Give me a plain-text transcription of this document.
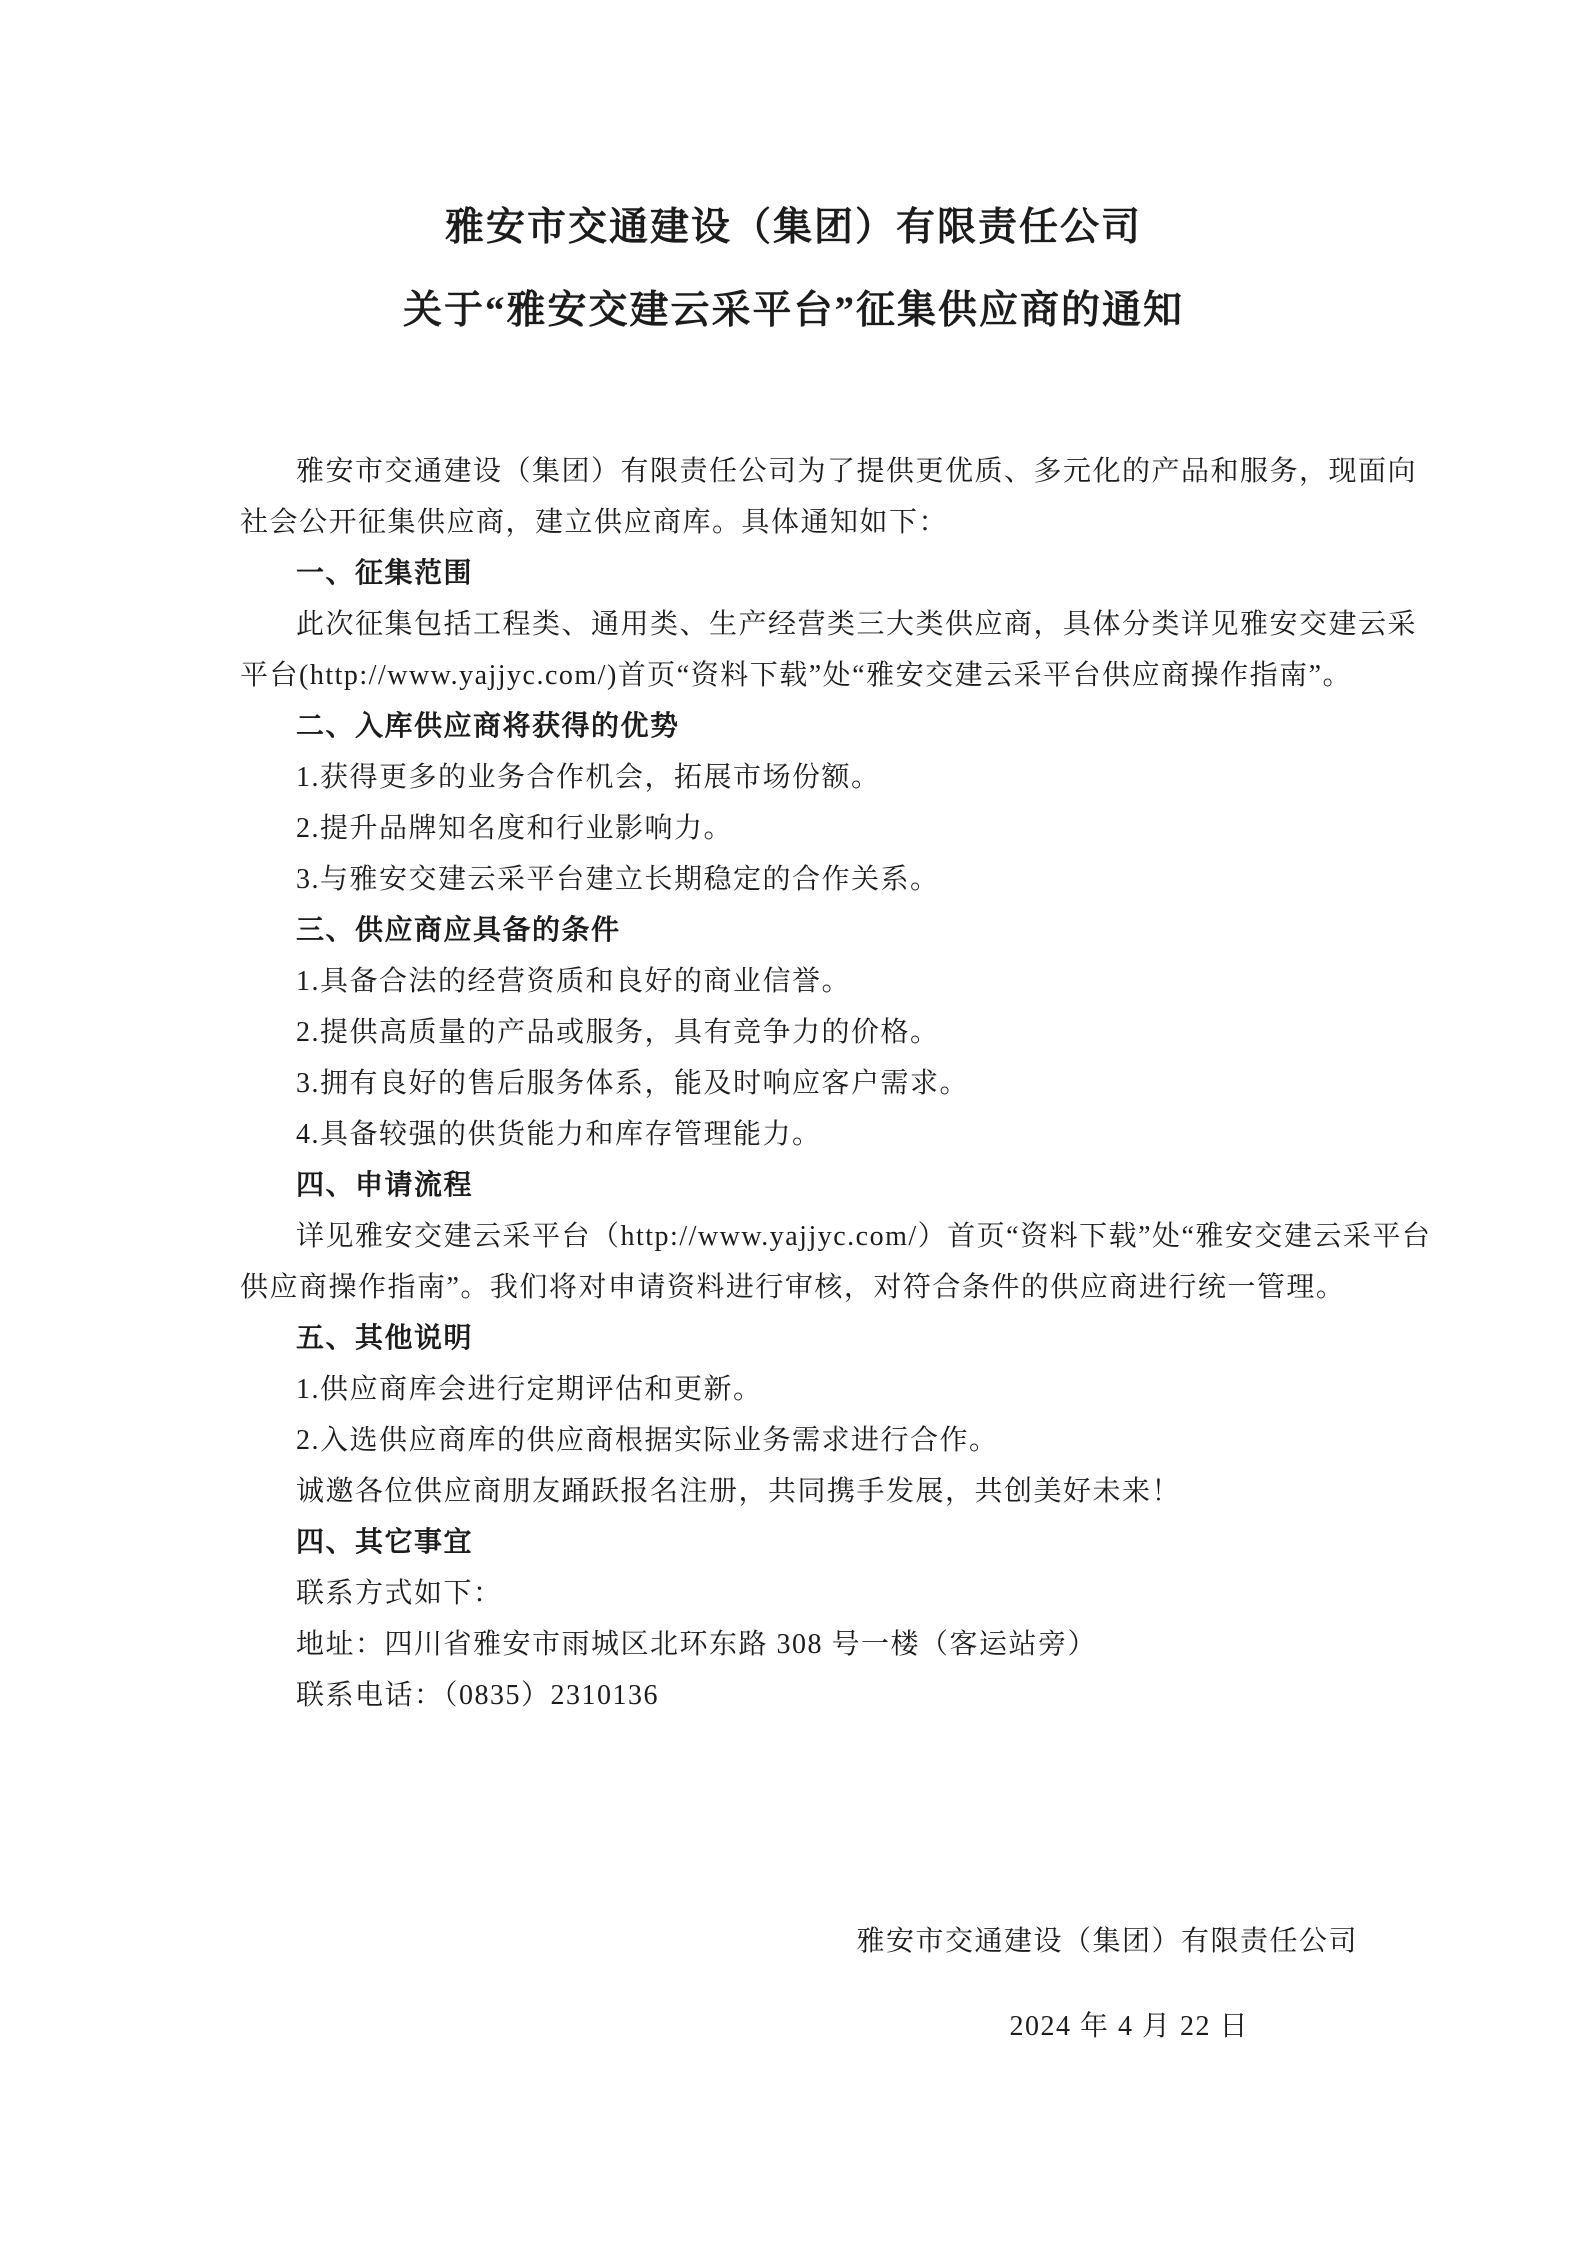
雅安市交通建设（集团）有限责任公司
关于“雅安交建云采平台”征集供应商的通知

雅安市交通建设（集团）有限责任公司为了提供更优质、多元化的产品和服务，现面向社会公开征集供应商，建立供应商库。具体通知如下：

一、征集范围

此次征集包括工程类、通用类、生产经营类三大类供应商，具体分类详见雅安交建云采平台(http://www.yajjyc.com/)首页“资料下载”处“雅安交建云采平台供应商操作指南”。

二、入库供应商将获得的优势

1.获得更多的业务合作机会，拓展市场份额。

2.提升品牌知名度和行业影响力。

3.与雅安交建云采平台建立长期稳定的合作关系。

三、供应商应具备的条件

1.具备合法的经营资质和良好的商业信誉。

2.提供高质量的产品或服务，具有竞争力的价格。

3.拥有良好的售后服务体系，能及时响应客户需求。

4.具备较强的供货能力和库存管理能力。

四、申请流程

详见雅安交建云采平台（http://www.yajjyc.com/）首页“资料下载”处“雅安交建云采平台供应商操作指南”。我们将对申请资料进行审核，对符合条件的供应商进行统一管理。

五、其他说明

1.供应商库会进行定期评估和更新。

2.入选供应商库的供应商根据实际业务需求进行合作。

诚邀各位供应商朋友踊跃报名注册，共同携手发展，共创美好未来！

四、其它事宜

联系方式如下：

地址：四川省雅安市雨城区北环东路 308 号一楼（客运站旁）

联系电话：（0835）2310136

雅安市交通建设（集团）有限责任公司
2024 年 4 月 22 日
